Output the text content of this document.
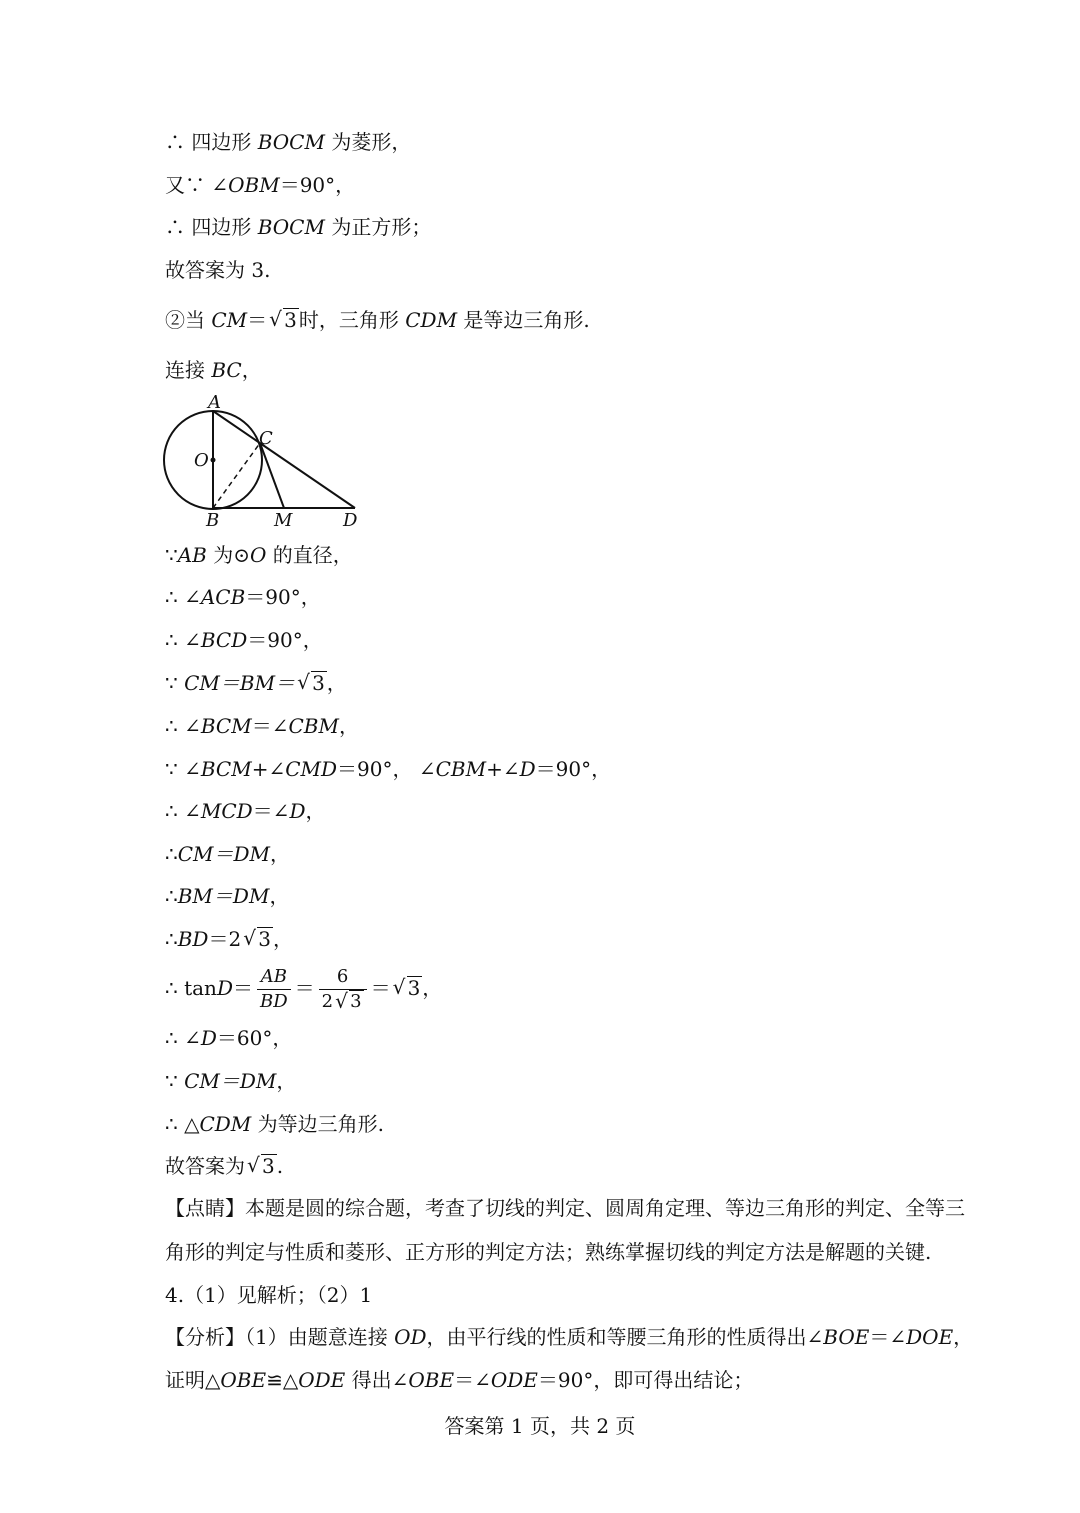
∴ 四边形 BOCM 为菱形，
又∵ ∠OBM＝90°，
∴ 四边形 BOCM 为正方形；
故答案为 3.
②当 CM＝ √ 3 时，三角形 CDM 是等边三角形.
连接 BC，
A
C
O
B	M	D
∵AB 为⊙O 的直径，
∴ ∠ACB＝90°，
∴ ∠BCD＝90°，
∵ CM＝BM＝ √ 3 ，
∴ ∠BCM＝∠CBM，
∵ ∠BCM+∠CMD＝90°， ∠CBM+∠D＝90°，
∴ ∠MCD＝∠D，
∴CM＝DM，
∴BM＝DM，
∴BD＝2 √ 3 ，
∴ $\tan D= \frac{AB}{BD} = \frac{6}{2 √ 3}$ ＝ √ 3 ，
∴ ∠D＝60°，
∵ CM＝DM，
∴ △CDM 为等边三角形.
故答案为 √ 3 .
【点睛】本题是圆的综合题，考查了切线的判定、圆周角定理、等边三角形的判定、全等三
角形的判定与性质和菱形、正方形的判定方法；熟练掌握切线的判定方法是解题的关键.
4.（1）见解析；（2）1
【分析】（1）由题意连接 OD，由平行线的性质和等腰三角形的性质得出∠BOE＝∠DOE，
证明△OBE≌△ODE 得出∠OBE＝∠ODE＝90°，即可得出结论；
答案第 1 页，共 2 页
